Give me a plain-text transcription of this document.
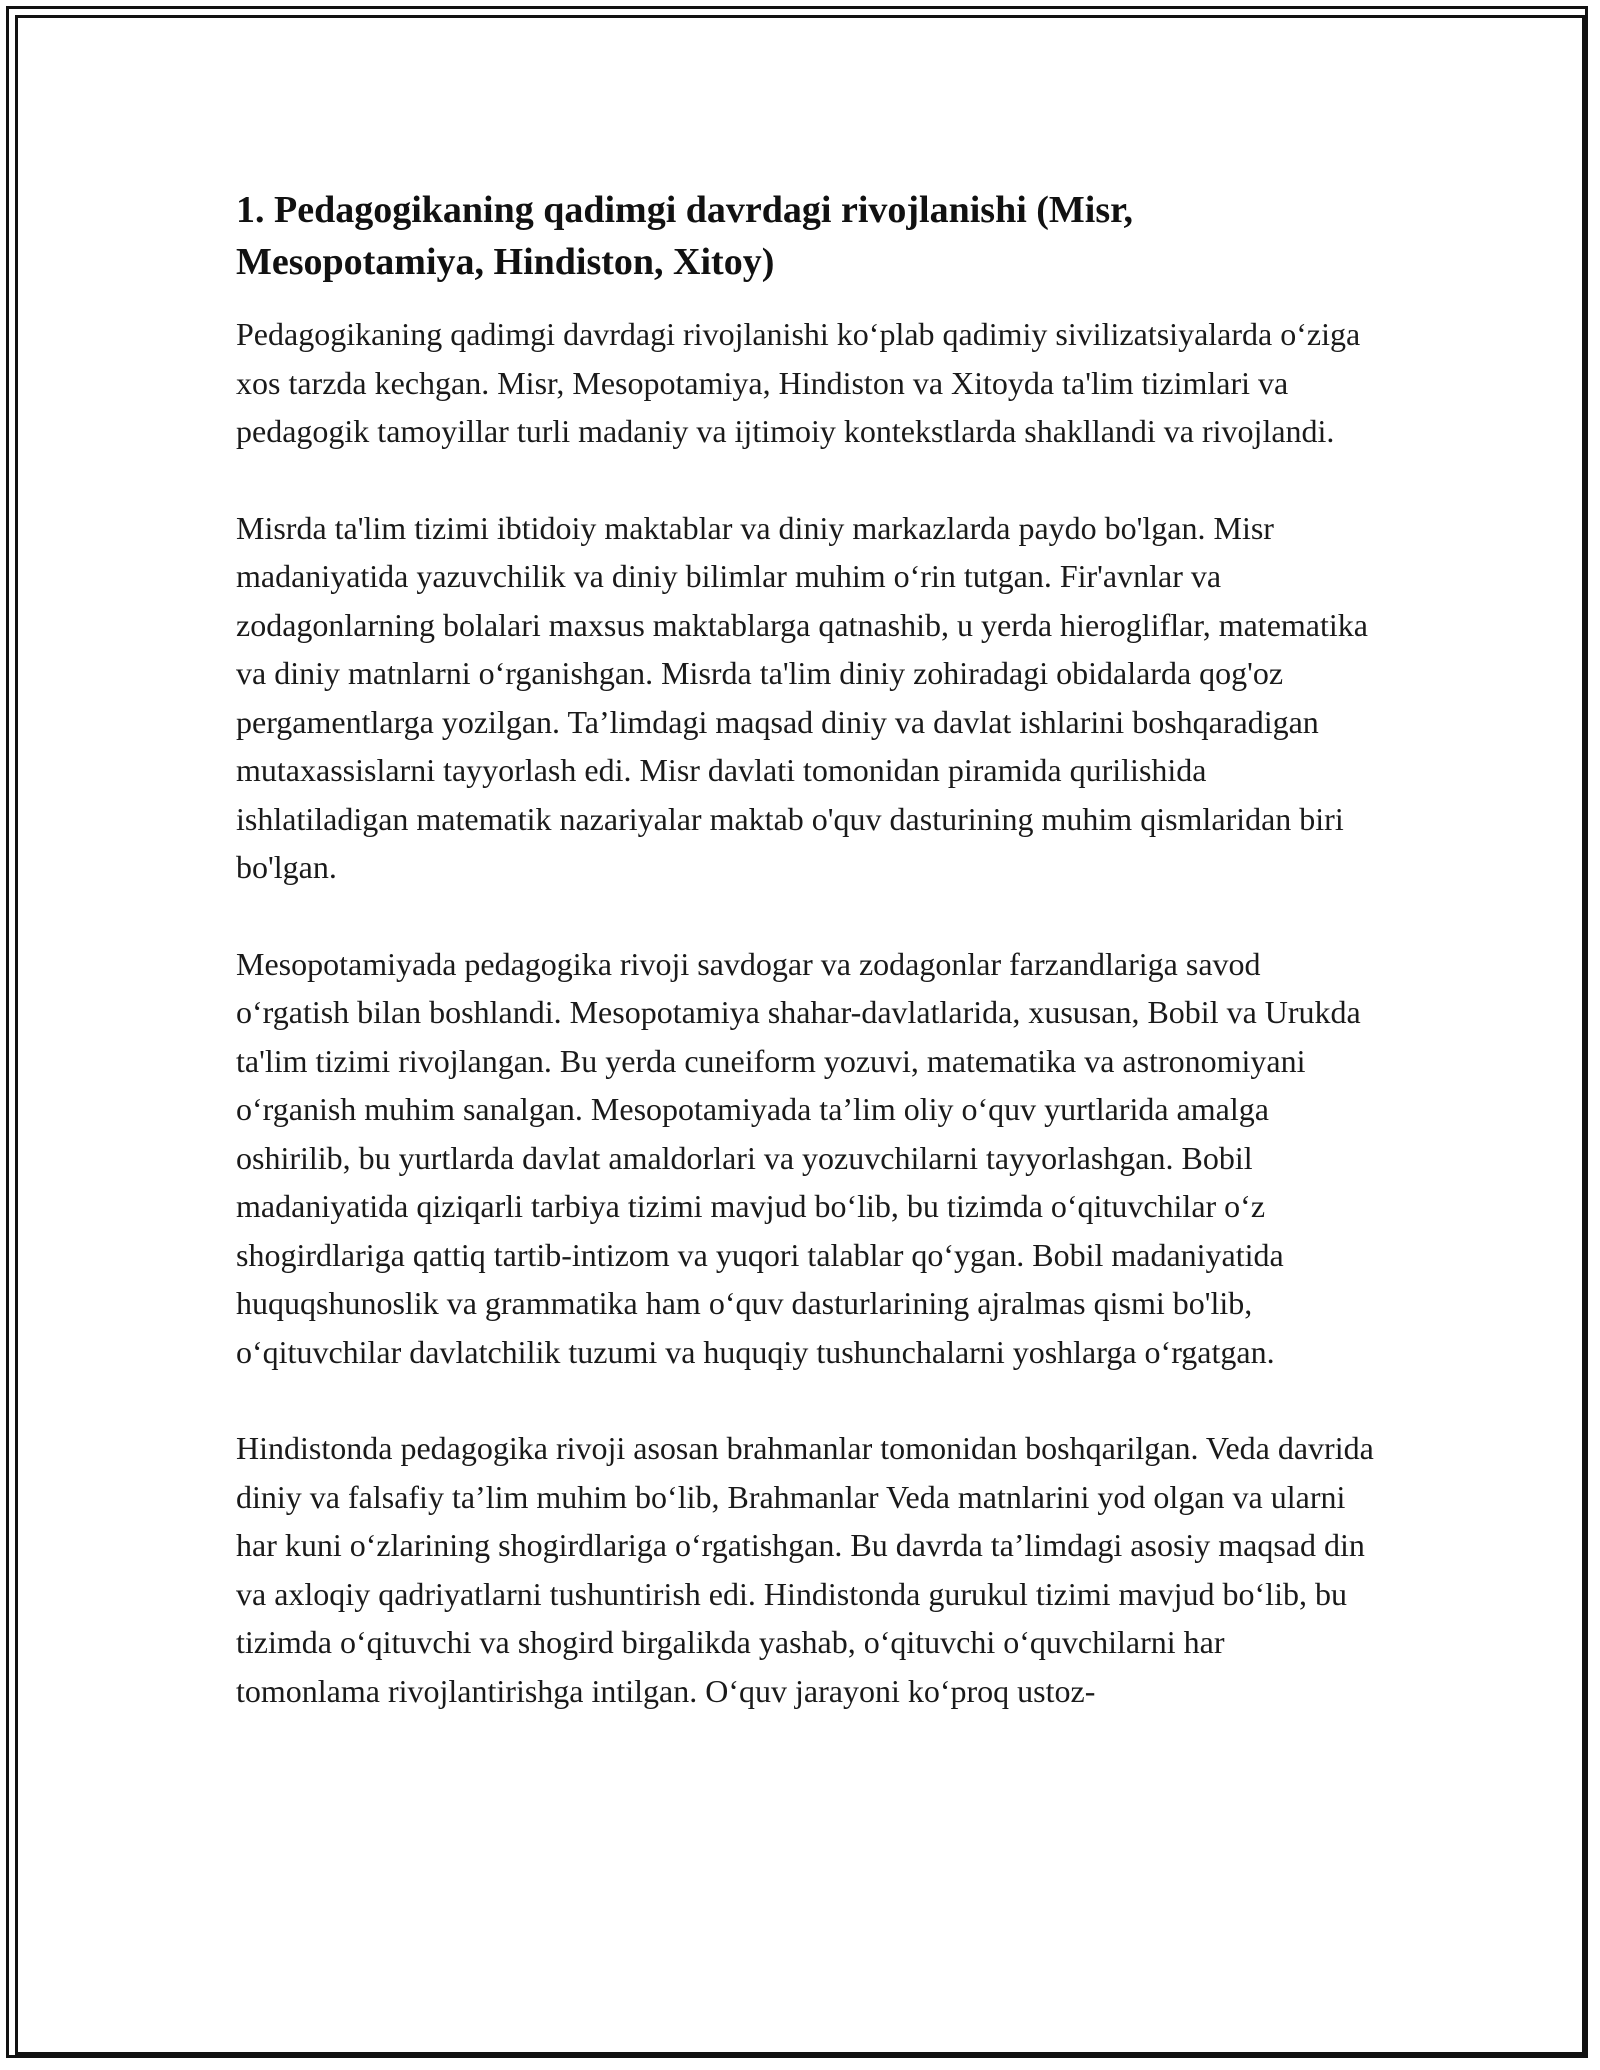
1. Pedagogikaning qadimgi davrdagi rivojlanishi (Misr, Mesopotamiya, Hindiston, Xitoy)

Pedagogikaning qadimgi davrdagi rivojlanishi ko‘plab qadimiy sivilizatsiyalarda o‘ziga xos tarzda kechgan. Misr, Mesopotamiya, Hindiston va Xitoyda ta'lim tizimlari va pedagogik tamoyillar turli madaniy va ijtimoiy kontekstlarda shakllandi va rivojlandi.

Misrda ta'lim tizimi ibtidoiy maktablar va diniy markazlarda paydo bo'lgan. Misr madaniyatida yazuvchilik va diniy bilimlar muhim o‘rin tutgan. Fir'avnlar va zodagonlarning bolalari maxsus maktablarga qatnashib, u yerda hierogliflar, matematika va diniy matnlarni o‘rganishgan. Misrda ta'lim diniy zohiradagi obidalarda qog'oz pergamentlarga yozilgan. Ta’limdagi maqsad diniy va davlat ishlarini boshqaradigan mutaxassislarni tayyorlash edi. Misr davlati tomonidan piramida qurilishida ishlatiladigan matematik nazariyalar maktab o'quv dasturining muhim qismlaridan biri bo'lgan.

Mesopotamiyada pedagogika rivoji savdogar va zodagonlar farzandlariga savod o‘rgatish bilan boshlandi. Mesopotamiya shahar-davlatlarida, xususan, Bobil va Urukda ta'lim tizimi rivojlangan. Bu yerda cuneiform yozuvi, matematika va astronomiyani o‘rganish muhim sanalgan. Mesopotamiyada ta’lim oliy o‘quv yurtlarida amalga oshirilib, bu yurtlarda davlat amaldorlari va yozuvchilarni tayyorlashgan. Bobil madaniyatida qiziqarli tarbiya tizimi mavjud bo‘lib, bu tizimda o‘qituvchilar o‘z shogirdlariga qattiq tartib-intizom va yuqori talablar qo‘ygan. Bobil madaniyatida huquqshunoslik va grammatika ham o‘quv dasturlarining ajralmas qismi bo'lib, o‘qituvchilar davlatchilik tuzumi va huquqiy tushunchalarni yoshlarga o‘rgatgan.

Hindistonda pedagogika rivoji asosan brahmanlar tomonidan boshqarilgan. Veda davrida diniy va falsafiy ta’lim muhim bo‘lib, Brahmanlar Veda matnlarini yod olgan va ularni har kuni o‘zlarining shogirdlariga o‘rgatishgan. Bu davrda ta’limdagi asosiy maqsad din va axloqiy qadriyatlarni tushuntirish edi. Hindistonda gurukul tizimi mavjud bo‘lib, bu tizimda o‘qituvchi va shogird birgalikda yashab, o‘qituvchi o‘quvchilarni har tomonlama rivojlantirishga intilgan. O‘quv jarayoni ko‘proq ustoz-
